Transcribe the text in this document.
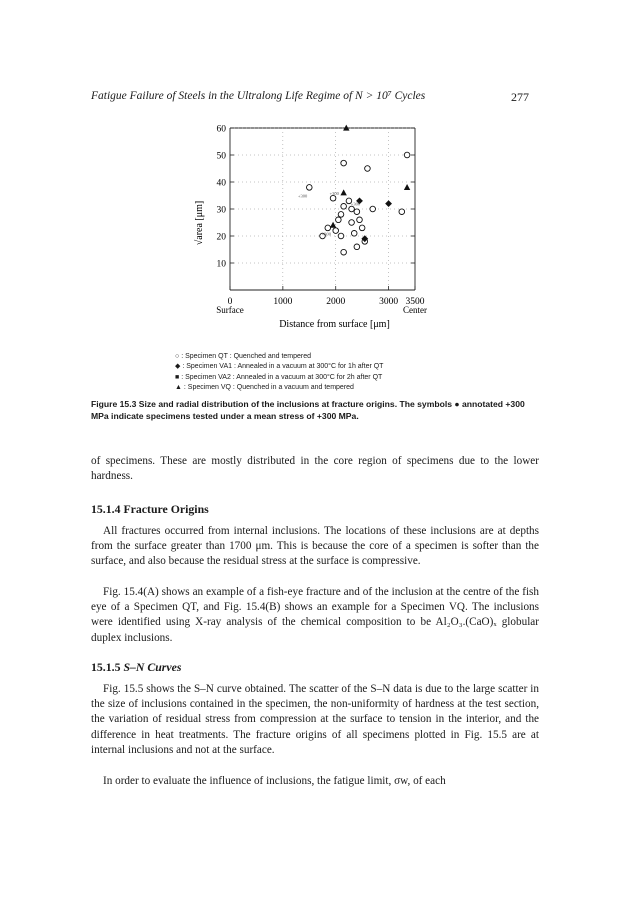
Fatigue Failure of Steels in the Ultralong Life Regime of N > 10⁷ Cycles	277
10
20
30
40
50
60
0	1000	2000	3000 3500
Surface	Center
Distance from surface [μm]
√area [μm]
+300
+300
+300
+300
○ : Specimen QT : Quenched and tempered
◆ : Specimen VA1 : Annealed in a vacuum at 300°C for 1h after QT
■ : Specimen VA2 : Annealed in a vacuum at 300°C for 2h after QT
▲ : Specimen VQ : Quenched in a vacuum and tempered
Figure 15.3 Size and radial distribution of the inclusions at fracture origins. The symbols ● annotated +300 MPa indicate specimens tested under a mean stress of +300 MPa.

of specimens. These are mostly distributed in the core region of specimens due to the lower hardness.

15.1.4 Fracture Origins

All fractures occurred from internal inclusions. The locations of these inclusions are at depths from the surface greater than 1700 μm. This is because the core of a specimen is softer than the surface, and also because the residual stress at the surface is compressive.

Fig. 15.4(A) shows an example of a fish-eye fracture and of the inclusion at the centre of the fish eye of a Specimen QT, and Fig. 15.4(B) shows an example for a Specimen VQ. The inclusions were identified using X-ray analysis of the chemical composition to be Al₂O₃.(CaO)ₓ globular duplex inclusions.

15.1.5 S–N Curves

Fig. 15.5 shows the S–N curve obtained. The scatter of the S–N data is due to the large scatter in the size of inclusions contained in the specimen, the non-uniformity of hardness at the test section, the variation of residual stress from compression at the surface to tension in the interior, and the difference in heat treatments. The fracture origins of all specimens plotted in Fig. 15.5 are at internal inclusions and not at the surface.

In order to evaluate the influence of inclusions, the fatigue limit, σw, of each
